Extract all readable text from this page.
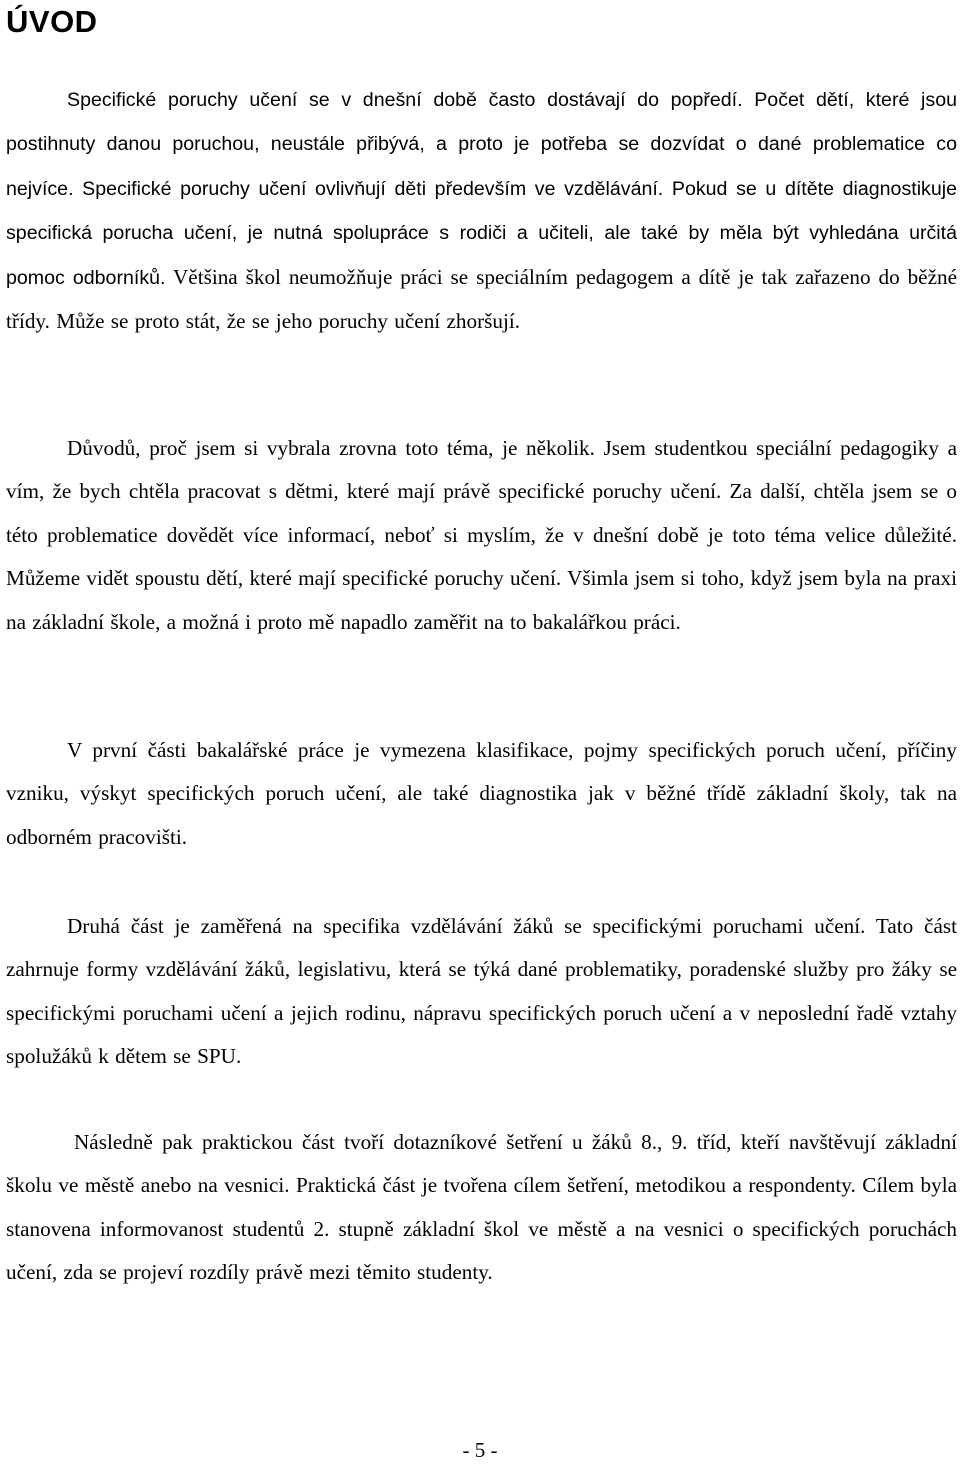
ÚVOD

Specifické poruchy učení se v dnešní době často dostávají do popředí. Počet dětí, které jsou postihnuty danou poruchou, neustále přibývá, a proto je potřeba se dozvídat o dané problematice co nejvíce. Specifické poruchy učení ovlivňují děti především ve vzdělávání. Pokud se u dítěte diagnostikuje specifická porucha učení, je nutná spolupráce s rodiči a učiteli, ale také by měla být vyhledána určitá pomoc odborníků. Většina škol neumožňuje práci se speciálním pedagogem a dítě je tak zařazeno do běžné třídy. Může se proto stát, že se jeho poruchy učení zhoršují.

Důvodů, proč jsem si vybrala zrovna toto téma, je několik. Jsem studentkou speciální pedagogiky a vím, že bych chtěla pracovat s dětmi, které mají právě specifické poruchy učení. Za další, chtěla jsem se o této problematice dovědět více informací, neboť si myslím, že v dnešní době je toto téma velice důležité. Můžeme vidět spoustu dětí, které mají specifické poruchy učení. Všimla jsem si toho, když jsem byla na praxi na základní škole, a možná i proto mě napadlo zaměřit na to bakalářkou práci.

V první části bakalářské práce je vymezena klasifikace, pojmy specifických poruch učení, příčiny vzniku, výskyt specifických poruch učení, ale také diagnostika jak v běžné třídě základní školy, tak na odborném pracovišti.

Druhá část je zaměřená na specifika vzdělávání žáků se specifickými poruchami učení. Tato část zahrnuje formy vzdělávání žáků, legislativu, která se týká dané problematiky, poradenské služby pro žáky se specifickými poruchami učení a jejich rodinu, nápravu specifických poruch učení a v neposlední řadě vztahy spolužáků k dětem se SPU.

Následně pak praktickou část tvoří dotazníkové šetření u žáků 8., 9. tříd, kteří navštěvují základní školu ve městě anebo na vesnici. Praktická část je tvořena cílem šetření, metodikou a respondenty. Cílem byla stanovena informovanost studentů 2. stupně základní škol ve městě a na vesnici o specifických poruchách učení, zda se projeví rozdíly právě mezi těmito studenty.

- 5 -
